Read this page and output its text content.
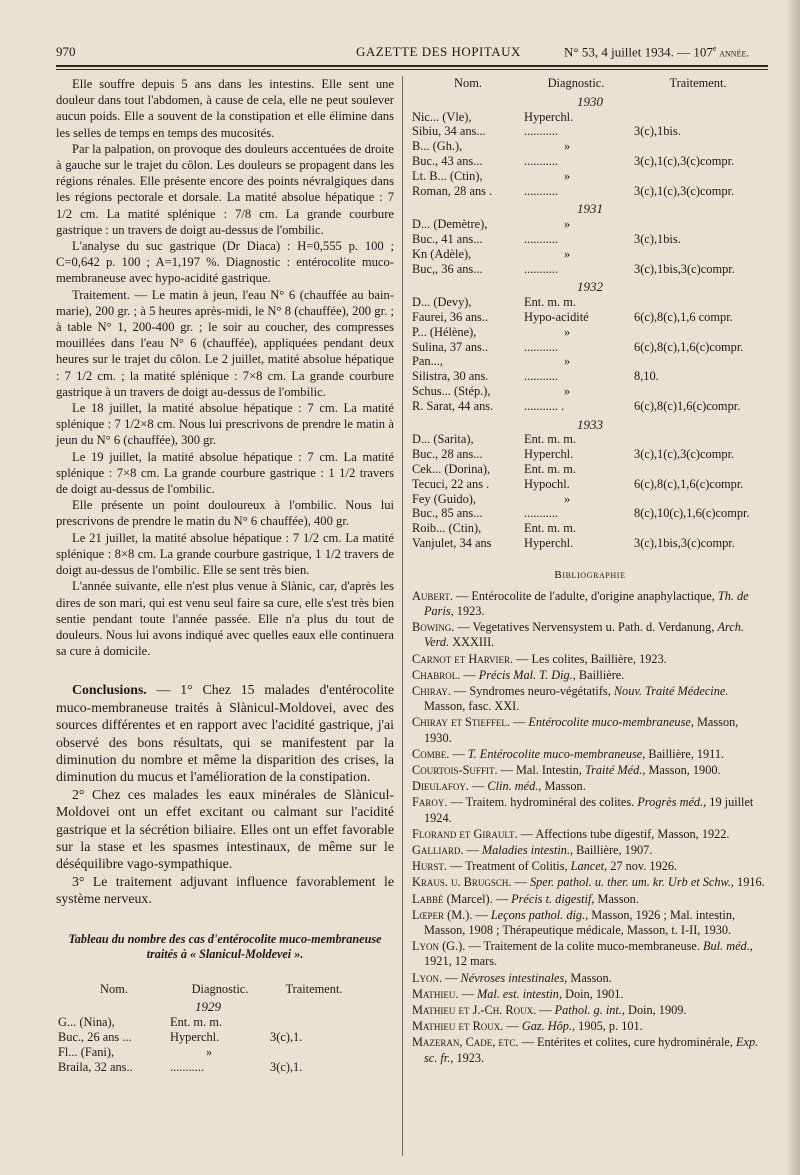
970	GAZETTE DES HOPITAUX	N° 53, 4 juillet 1934. — 107e année.

Elle souffre depuis 5 ans dans les intestins. Elle sent une douleur dans tout l'abdomen, à cause de cela, elle ne peut soulever aucun poids. Elle a souvent de la constipation et elle élimine dans les selles de temps en temps des mucosités.

Par la palpation, on provoque des douleurs accentuées de droite à gauche sur le trajet du côlon. Les douleurs se propagent dans les régions rénales. Elle présente encore des points névralgiques dans les régions pectorale et dorsale. La matité absolue hépatique : 7 1/2 cm. La matité splénique : 7/8 cm. La grande courbure gastrique : un travers de doigt au-dessus de l'ombilic.

L'analyse du suc gastrique (Dr Diaca) : H=0,555 p. 100 ; C=0,642 p. 100 ; A=1,197 %. Diagnostic : entérocolite muco-membraneuse avec hypo-acidité gastrique.

Traitement. — Le matin à jeun, l'eau N° 6 (chauffée au bain-marie), 200 gr. ; à 5 heures après-midi, le N° 8 (chauffée), 200 gr. ; à table N° 1, 200-400 gr. ; le soir au coucher, des compresses mouillées dans l'eau N° 6 (chauffée), appliquées pendant deux heures sur le trajet du côlon. Le 2 juillet, matité absolue hépatique : 7 1/2 cm. ; la matité splénique : 7×8 cm. La grande courbure gastrique à un travers de doigt au-dessus de l'ombilic.

Le 18 juillet, la matité absolue hépatique : 7 cm. La matité splénique : 7 1/2×8 cm. Nous lui prescrivons de prendre le matin à jeun du N° 6 (chauffée), 300 gr.

Le 19 juillet, la matité absolue hépatique : 7 cm. La matité splénique : 7×8 cm. La grande courbure gastrique : 1 1/2 travers de doigt au-dessus de l'ombilic.

Elle présente un point douloureux à l'ombilic. Nous lui prescrivons de prendre le matin du N° 6 chauffée), 400 gr.

Le 21 juillet, la matité absolue hépatique : 7 1/2 cm. La matité splénique : 8×8 cm. La grande courbure gastrique, 1 1/2 travers de doigt au-dessus de l'ombilic. Elle se sent très bien.

L'année suivante, elle n'est plus venue à Slànic, car, d'après les dires de son mari, qui est venu seul faire sa cure, elle s'est très bien sentie pendant toute l'année passée. Elle n'a plus du tout de douleurs. Nous lui avons indiqué avec quelles eaux elle continuera sa cure à domicile.

Conclusions. — 1° Chez 15 malades d'entérocolite muco-membraneuse traités à Slànicul-Moldovei, avec des sources différentes et en rapport avec l'acidité gastrique, j'ai observé des bons résultats, qui se manifestent par la diminution du nombre et même la disparition des crises, la diminution du mucus et l'amélioration de la constipation.

2° Chez ces malades les eaux minérales de Slànicul-Moldovei ont un effet excitant ou calmant sur l'acidité gastrique et la sécrétion biliaire. Elles ont un effet favorable sur la stase et les spasmes intestinaux, de même sur le déséquilibre vago-sympathique.

3° Le traitement adjuvant influence favorablement le système nerveux.

Tableau du nombre des cas d'entérocolite muco-membraneuse traités à « Slanicul-Moldevei ».
Nom.	Diagnostic.	Traitement.
1929		
G... (Nina),	Ent. m. m.	
Buc., 26 ans ...	Hyperchl.	3(c),1.
Fl... (Fani),	»	
Braila, 32 ans..	...........	3(c),1.
Nom.	Diagnostic.	Traitement.
1930		
Nic... (Vle),	Hyperchl.	
Sibiu, 34 ans...	...........	3(c),1bis.
B... (Gh.),	»	
Buc., 43 ans...	...........	3(c),1(c),3(c)compr.
Lt. B... (Ctin),	»	
Roman, 28 ans .	...........	3(c),1(c),3(c)compr.
1931		
D... (Demètre),	»	
Buc., 41 ans...	...........	3(c),1bis.
Kn (Adèle),	»	
Buc,, 36 ans...	...........	3(c),1bis,3(c)compr.
1932		
D... (Devy),	Ent. m. m.	
Faurei, 36 ans..	Hypo-acidité	6(c),8(c),1,6 compr.
P... (Hélène),	»	
Sulina, 37 ans..	...........	6(c),8(c),1,6(c)compr.
Pan...,	»	
Silistra, 30 ans.	...........	8,10.
Schus... (Stép.),	»	
R. Sarat, 44 ans.	........... .	6(c),8(c)1,6(c)compr.
1933		
D... (Sarita),	Ent. m. m.	
Buc., 28 ans...	Hyperchl.	3(c),1(c),3(c)compr.
Cek... (Dorina),	Ent. m. m.	
Tecuci, 22 ans .	Hypochl.	6(c),8(c),1,6(c)compr.
Fey (Guido),	»	
Buc., 85 ans...	...........	8(c),10(c),1,6(c)compr.
Roib... (Ctin),	Ent. m. m.	
Vanjulet, 34 ans	Hyperchl.	3(c),1bis,3(c)compr.
Bibliographie

Aubert. — Entérocolite de l'adulte, d'origine anaphylactique, Th. de Paris, 1923.

Bowing. — Vegetatives Nervensystem u. Path. d. Verdanung, Arch. Verd. XXXIII.

Carnot et Harvier. — Les colites, Baillière, 1923.

Chabrol. — Précis Mal. T. Dig., Baillière.

Chiray. — Syndromes neuro-végétatifs, Nouv. Traité Médecine. Masson, fasc. XXI.

Chiray et Stieffel. — Entérocolite muco-membraneuse, Masson, 1930.

Combe. — T. Entérocolite muco-membraneuse, Baillière, 1911.

Courtois-Suffit. — Mal. Intestin, Traité Méd., Masson, 1900.

Dieulafoy. — Clin. méd., Masson.

Faroy. — Traitem. hydrominéral des colites. Progrès méd., 19 juillet 1924.

Florand et Girault. — Affections tube digestif, Masson, 1922.

Galliard. — Maladies intestin., Baillière, 1907.

Hurst. — Treatment of Colitis, Lancet, 27 nov. 1926.

Kraus. u. Brugsch. — Sper. pathol. u. ther. um. kr. Urb et Schw., 1916.

Labbé (Marcel). — Précis t. digestif, Masson.

Lœper (M.). — Leçons pathol. dig., Masson, 1926 ; Mal. intestin, Masson, 1908 ; Thérapeutique médicale, Masson, t. I-II, 1930.

Lyon (G.). — Traitement de la colite muco-membraneuse. Bul. méd., 1921, 12 mars.

Lyon. — Névroses intestinales, Masson.

Mathieu. — Mal. est. intestin, Doin, 1901.

Mathieu et J.-Ch. Roux. — Pathol. g. int., Doin, 1909.

Mathieu et Roux. — Gaz. Hôp., 1905, p. 101.

Mazeran, Cade, etc. — Entérites et colites, cure hydrominérale, Exp. sc. fr., 1923.
